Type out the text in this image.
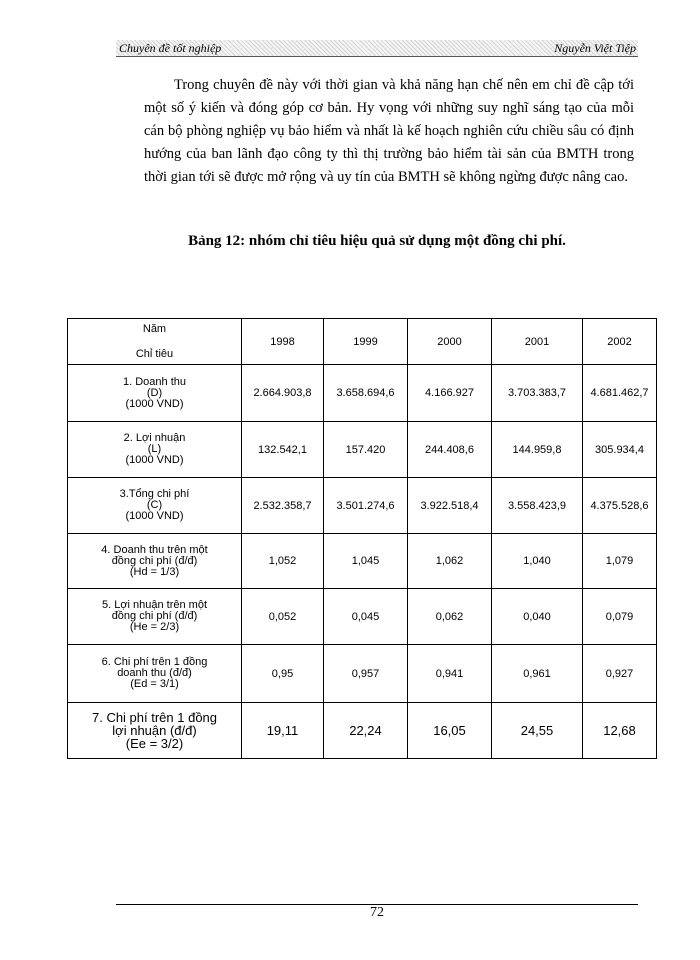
Chuyên đề tốt nghiệp	Nguyễn Việt Tiệp

Trong chuyên đề này với thời gian và khả năng hạn chế nên em chỉ đề cập tới một số ý kiến và đóng góp cơ bản. Hy vọng với những suy nghĩ sáng tạo của mỗi cán bộ phòng nghiệp vụ bảo hiểm và nhất là kế hoạch nghiên cứu chiều sâu có định hướng của ban lãnh đạo công ty thì thị trường bảo hiểm tài sản của BMTH trong thời gian tới sẽ được mở rộng và uy tín của BMTH sẽ không ngừng được nâng cao.

Bảng 12: nhóm chỉ tiêu hiệu quả sử dụng một đồng chi phí.
Năm
Chỉ tiêu	1998	1999	2000	2001	2002

1. Doanh thu
(D)
(1000 VND)	2.664.903,8	3.658.694,6	4.166.927	3.703.383,7	4.681.462,7

2. Lợi nhuận
(L)
(1000 VND)	132.542,1	157.420	244.408,6	144.959,8	305.934,4

3.Tổng chi phí
(C)
(1000 VND)	2.532.358,7	3.501.274,6	3.922.518,4	3.558.423,9	4.375.528,6

4. Doanh thu trên một
đồng chi phí (đ/đ)
(Hd = 1/3)	1,052	1,045	1,062	1,040	1,079

5. Lợi nhuận trên một
đồng chi phí (đ/đ)
(He = 2/3)	0,052	0,045	0,062	0,040	0,079

6. Chi phí trên 1 đồng
doanh thu (đ/đ)
(Ed = 3/1)	0,95	0,957	0,941	0,961	0,927

7. Chi phí trên 1 đồng
lợi nhuận (đ/đ)
(Ee = 3/2)	19,11	22,24	16,05	24,55	12,68
72
